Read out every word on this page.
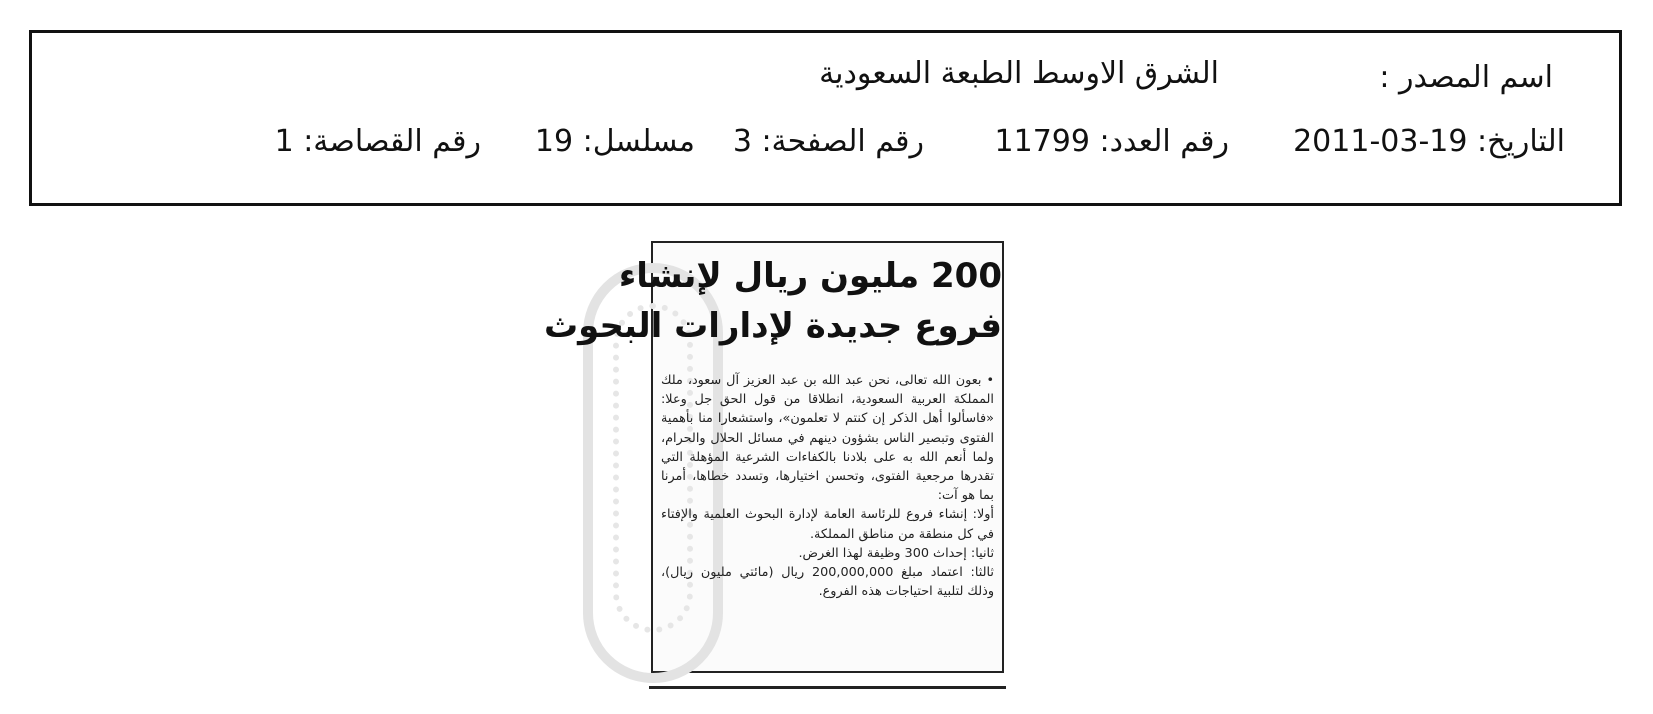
اسم المصدر :
الشرق الاوسط الطبعة السعودية
التاريخ: 19-03-2011
رقم العدد: 11799
رقم الصفحة: 3
مسلسل: 19
رقم القصاصة: 1
200 مليون ريال لإنشاء
فروع جديدة لإدارات البحوث

• بعون الله تعالى، نحن عبد الله بن عبد العزيز آل سعود، ملك المملكة العربية السعودية، انطلاقا من قول الحق جل وعلا: «فاسألوا أهل الذكر إن كنتم لا تعلمون»، واستشعارا منا بأهمية الفتوى وتبصير الناس بشؤون دينهم في مسائل الحلال والحرام، ولما أنعم الله به على بلادنا بالكفاءات الشرعية المؤهلة التي تقدرها مرجعية الفتوى، وتحسن اختيارها، وتسدد خطاها، أمرنا بما هو آت:

أولا: إنشاء فروع للرئاسة العامة لإدارة البحوث العلمية والإفتاء في كل منطقة من مناطق المملكة.

ثانيا: إحداث 300 وظيفة لهذا الغرض.

ثالثا: اعتماد مبلغ 200,000,000 ريال (مائتي مليون ريال)، وذلك لتلبية احتياجات هذه الفروع.
